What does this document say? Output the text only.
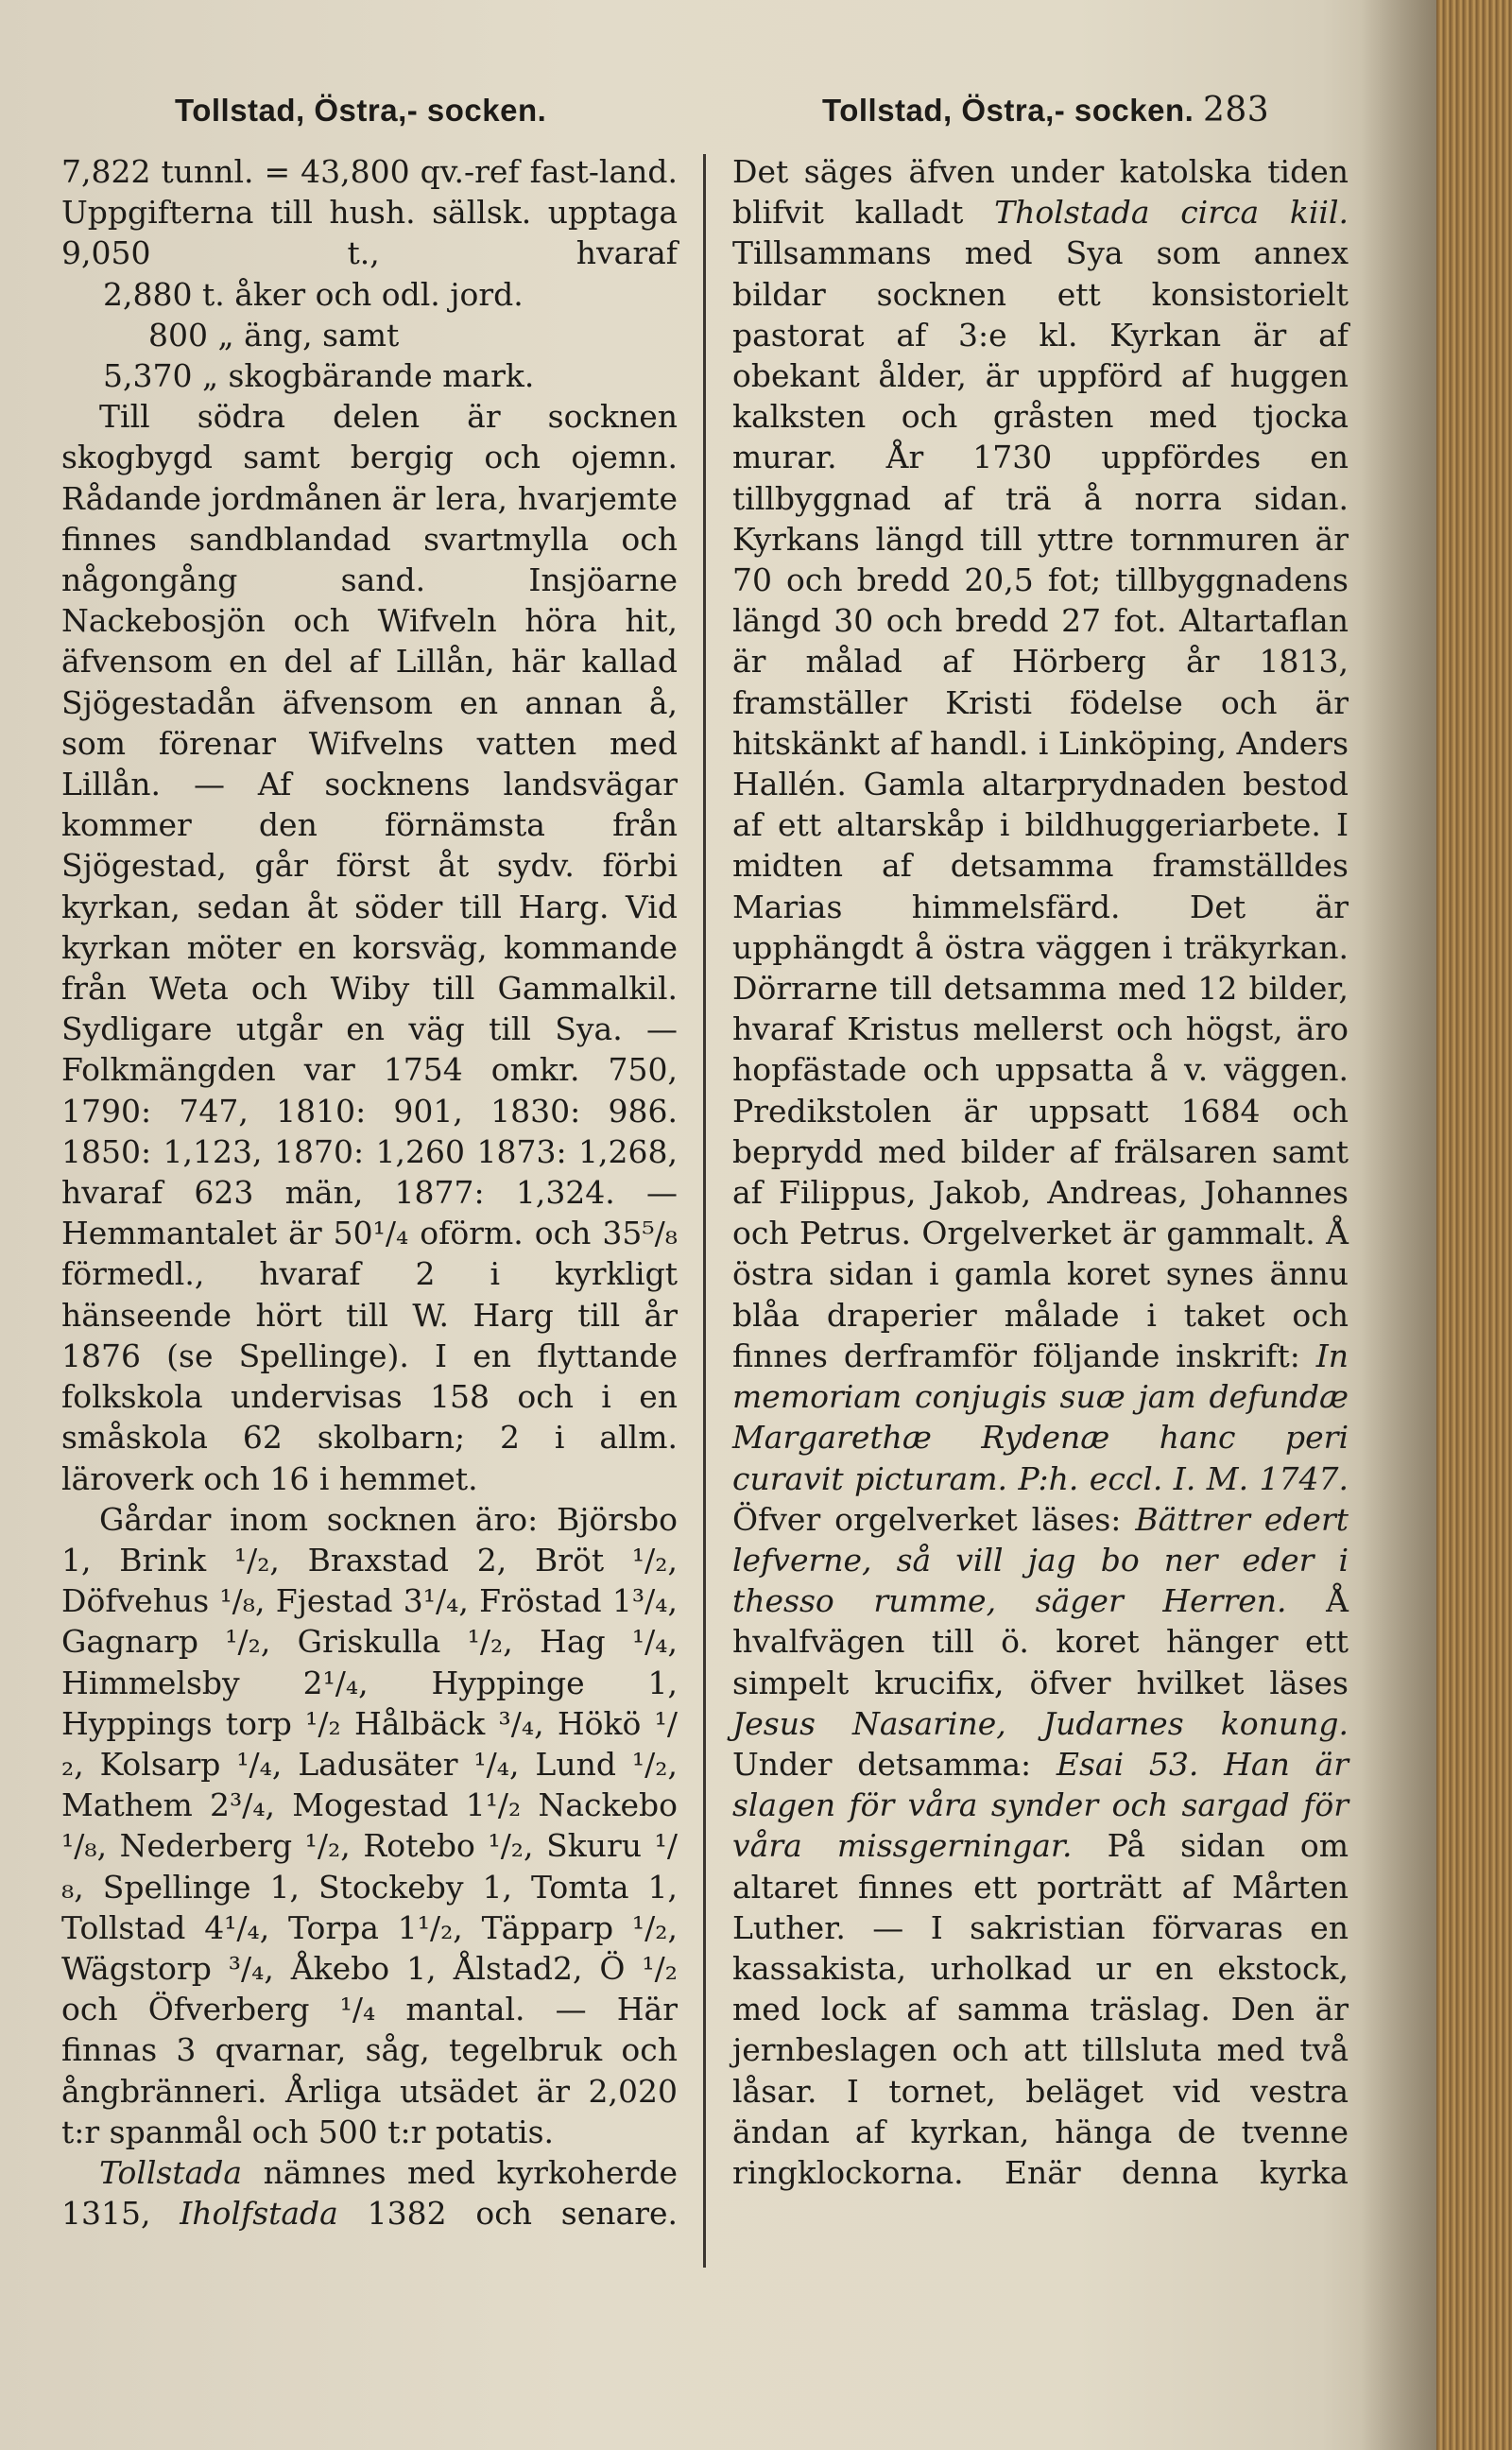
Tollstad, Östra,- socken.	Tollstad, Östra,- socken. 283

7,822 tunnl. = 43,800 qv.-ref fast-land. Uppgifterna till hush. sällsk. upptaga 9,050 t., hvaraf

2,880 t. åker och odl. jord.

800 „ äng, samt

5,370 „ skogbärande mark.

Till södra delen är socknen skogbygd samt bergig och ojemn. Rådande jordmånen är lera, hvarjemte finnes sandblandad svartmylla och någongång sand. Insjöarne Nackebosjön och Wifveln höra hit, äfvensom en del af Lillån, här kallad Sjögestadån äfvensom en annan å, som förenar Wifvelns vatten med Lillån. — Af socknens landsvägar kommer den förnämsta från Sjögestad, går först åt sydv. förbi kyrkan, sedan åt söder till Harg. Vid kyrkan möter en korsväg, kommande från Weta och Wiby till Gammalkil. Sydligare utgår en väg till Sya. — Folkmängden var 1754 omkr. 750, 1790: 747, 1810: 901, 1830: 986. 1850: 1,123, 1870: 1,260 1873: 1,268, hvaraf 623 män, 1877: 1,324. — Hemmantalet är 50¹/₄ oförm. och 35⁵/₈ förmedl., hvaraf 2 i kyrkligt hänseende hört till W. Harg till år 1876 (se Spellinge). I en flyttande folkskola undervisas 158 och i en småskola 62 skolbarn; 2 i allm. läroverk och 16 i hemmet.

Gårdar inom socknen äro: Björsbo 1, Brink ¹/₂, Braxstad 2, Bröt ¹/₂, Döfvehus ¹/₈, Fjestad 3¹/₄, Fröstad 1³/₄, Gagnarp ¹/₂, Griskulla ¹/₂, Hag ¹/₄, Himmelsby 2¹/₄, Hyppinge 1, Hyppings torp ¹/₂ Hålbäck ³/₄, Hökö ¹/₂, Kolsarp ¹/₄, Ladusäter ¹/₄, Lund ¹/₂, Mathem 2³/₄, Mogestad 1¹/₂ Nackebo ¹/₈, Nederberg ¹/₂, Rotebo ¹/₂, Skuru ¹/₈, Spellinge 1, Stockeby 1, Tomta 1, Tollstad 4¹/₄, Torpa 1¹/₂, Täpparp ¹/₂, Wägstorp ³/₄, Åkebo 1, Ålstad2, Ö ¹/₂ och Öfverberg ¹/₄ mantal. — Här finnas 3 qvarnar, såg, tegelbruk och ångbränneri. Årliga utsädet är 2,020 t:r spanmål och 500 t:r potatis.

Tollstada nämnes med kyrkoherde 1315, Iholfstada 1382 och senare.

Det säges äfven under katolska tiden blifvit kalladt Tholstada circa kiil. Tillsammans med Sya som annex bildar socknen ett konsistorielt pastorat af 3:e kl. Kyrkan är af obekant ålder, är uppförd af huggen kalksten och gråsten med tjocka murar. År 1730 uppfördes en tillbyggnad af trä å norra sidan. Kyrkans längd till yttre tornmuren är 70 och bredd 20,5 fot; tillbyggnadens längd 30 och bredd 27 fot. Altartaflan är målad af Hörberg år 1813, framställer Kristi födelse och är hitskänkt af handl. i Linköping, Anders Hallén. Gamla altarprydnaden bestod af ett altarskåp i bildhuggeriarbete. I midten af detsamma framställdes Marias himmelsfärd. Det är upphängdt å östra väggen i träkyrkan. Dörrarne till detsamma med 12 bilder, hvaraf Kristus mellerst och högst, äro hopfästade och uppsatta å v. väggen. Predikstolen är uppsatt 1684 och beprydd med bilder af frälsaren samt af Filippus, Jakob, Andreas, Johannes och Petrus. Orgelverket är gammalt. Å östra sidan i gamla koret synes ännu blåa draperier målade i taket och finnes derframför följande inskrift: In memoriam conjugis suæ jam defundæ Margarethæ Rydenæ hanc peri curavit picturam. P:h. eccl. I. M. 1747. Öfver orgelverket läses: Bättrer edert lefverne, så vill jag bo ner eder i thesso rumme, säger Herren. Å hvalfvägen till ö. koret hänger ett simpelt krucifix, öfver hvilket läses Jesus Nasarine, Judarnes konung. Under detsamma: Esai 53. Han är slagen för våra synder och sargad för våra missgerningar. På sidan om altaret finnes ett porträtt af Mårten Luther. — I sakristian förvaras en kassakista, urholkad ur en ekstock, med lock af samma träslag. Den är jernbeslagen och att tillsluta med två låsar. I tornet, beläget vid vestra ändan af kyrkan, hänga de tvenne ringklockorna. Enär denna kyrka
